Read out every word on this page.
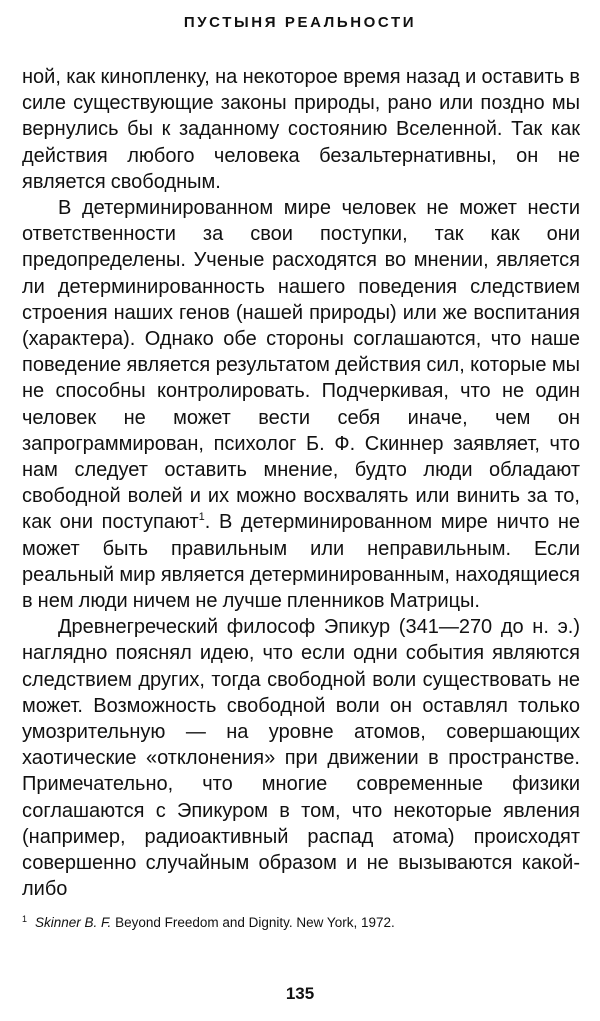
ПУСТЫНЯ РЕАЛЬНОСТИ

ной, как кинопленку, на некоторое время назад и оставить в силе существующие законы природы, рано или поздно мы вернулись бы к заданному состоянию Вселенной. Так как действия любого человека безальтернативны, он не является свободным.

В детерминированном мире человек не может нести ответственности за свои поступки, так как они предопределены. Ученые расходятся во мнении, является ли детерминированность нашего поведения следствием строения наших генов (нашей природы) или же воспитания (характера). Однако обе стороны соглашаются, что наше поведение является результатом действия сил, которые мы не способны контролировать. Подчеркивая, что не один человек не может вести себя иначе, чем он запрограммирован, психолог Б. Ф. Скиннер заявляет, что нам следует оставить мнение, будто люди обладают свободной волей и их можно восхвалять или винить за то, как они поступают$^1$. В детерминированном мире ничто не может быть правильным или неправильным. Если реальный мир является детерминированным, находящиеся в нем люди ничем не лучше пленников Матрицы.

Древнегреческий философ Эпикур (341—270 до н. э.) наглядно пояснял идею, что если одни события являются следствием других, тогда свободной воли существовать не может. Возможность свободной воли он оставлял только умозрительную — на уровне атомов, совершающих хаотические «отклонения» при движении в пространстве. Примечательно, что многие современные физики соглашаются с Эпикуром в том, что некоторые явления (например, радиоактивный распад атома) происходят совершенно случайным образом и не вызываются какой-либо

$^1$ Skinner B. F. Beyond Freedom and Dignity. New York, 1972.
135
